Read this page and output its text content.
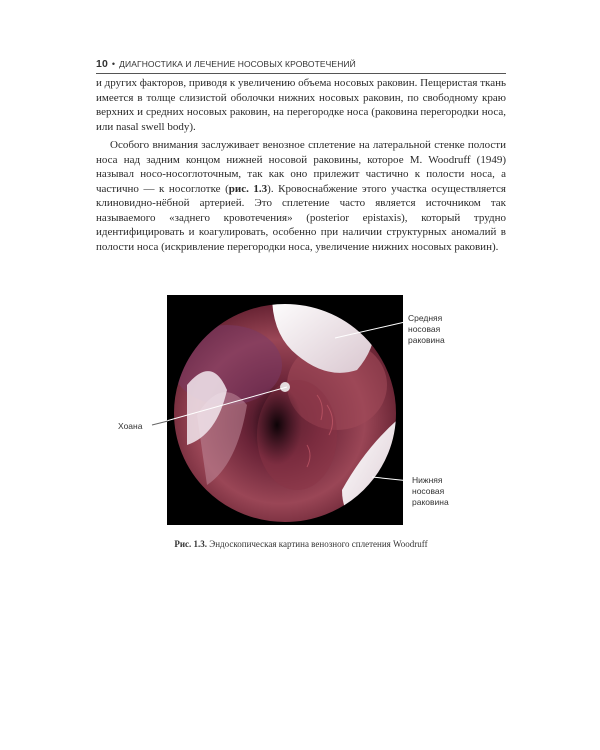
10 • ДИАГНОСТИКА И ЛЕЧЕНИЕ НОСОВЫХ КРОВОТЕЧЕНИЙ

и других факторов, приводя к увеличению объема носовых раковин. Пещеристая ткань имеется в толще слизистой оболочки нижних носовых раковин, по свободному краю верхних и средних носовых раковин, на перегородке носа (раковина перегородки носа, или nasal swell body).

Особого внимания заслуживает венозное сплетение на латеральной стенке полости носа над задним концом нижней носовой раковины, которое M. Woodruff (1949) называл носо-носоглоточным, так как оно прилежит частично к полости носа, а частично — к носоглотке (рис. 1.3). Кровоснабжение этого участка осуществляется клиновидно-нёбной артерией. Это сплетение часто является источником так называемого «заднего кровотечения» (posterior epistaxis), который трудно идентифицировать и коагулировать, особенно при наличии структурных аномалий в полости носа (искривление перегородки носа, увеличение нижних носовых раковин).

Средняя
носовая
раковина
Хоана
Нижняя
носовая
раковина
Рис. 1.3. Эндоскопическая картина венозного сплетения Woodruff
